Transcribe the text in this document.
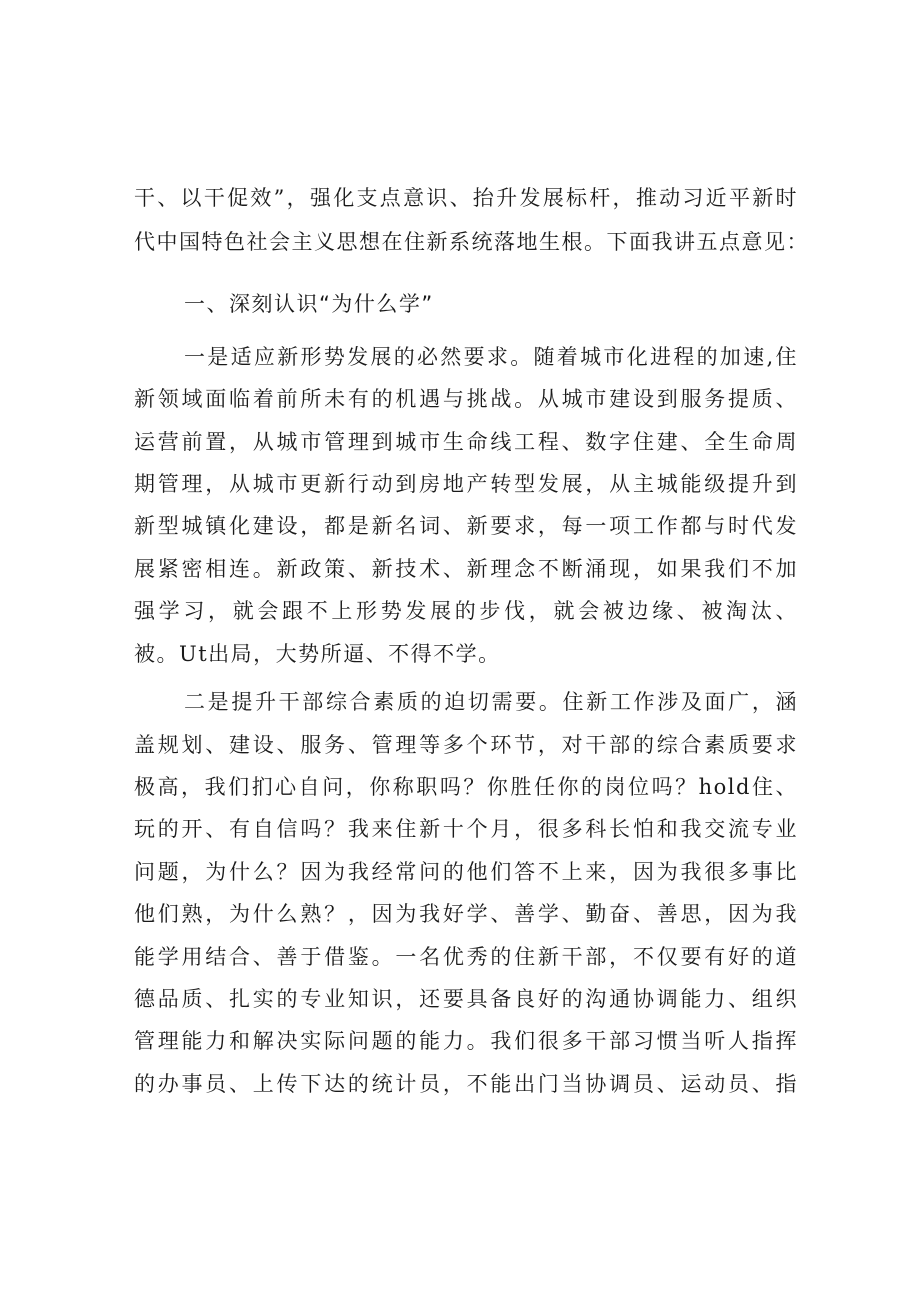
干、以干促效”，强化支点意识、抬升发展标杆，推动习近平新时
代中国特色社会主义思想在住新系统落地生根。下面我讲五点意见：
一、深刻认识“为什么学”
一是适应新形势发展的必然要求。随着城市化进程的加速,住
新领域面临着前所未有的机遇与挑战。从城市建设到服务提质、
运营前置，从城市管理到城市生命线工程、数字住建、全生命周
期管理，从城市更新行动到房地产转型发展，从主城能级提升到
新型城镇化建设，都是新名词、新要求，每一项工作都与时代发
展紧密相连。新政策、新技术、新理念不断涌现，如果我们不加
强学习，就会跟不上形势发展的步伐，就会被边缘、被淘汰、
被。Ut出局，大势所逼、不得不学。
二是提升干部综合素质的迫切需要。住新工作涉及面广，涵
盖规划、建设、服务、管理等多个环节，对干部的综合素质要求
极高，我们扪心自问，你称职吗？你胜任你的岗位吗？hold住、
玩的开、有自信吗？我来住新十个月，很多科长怕和我交流专业
问题，为什么？因为我经常问的他们答不上来，因为我很多事比
他们熟，为什么熟？，因为我好学、善学、勤奋、善思，因为我
能学用结合、善于借鉴。一名优秀的住新干部，不仅要有好的道
德品质、扎实的专业知识，还要具备良好的沟通协调能力、组织
管理能力和解决实际问题的能力。我们很多干部习惯当听人指挥
的办事员、上传下达的统计员，不能出门当协调员、运动员、指
